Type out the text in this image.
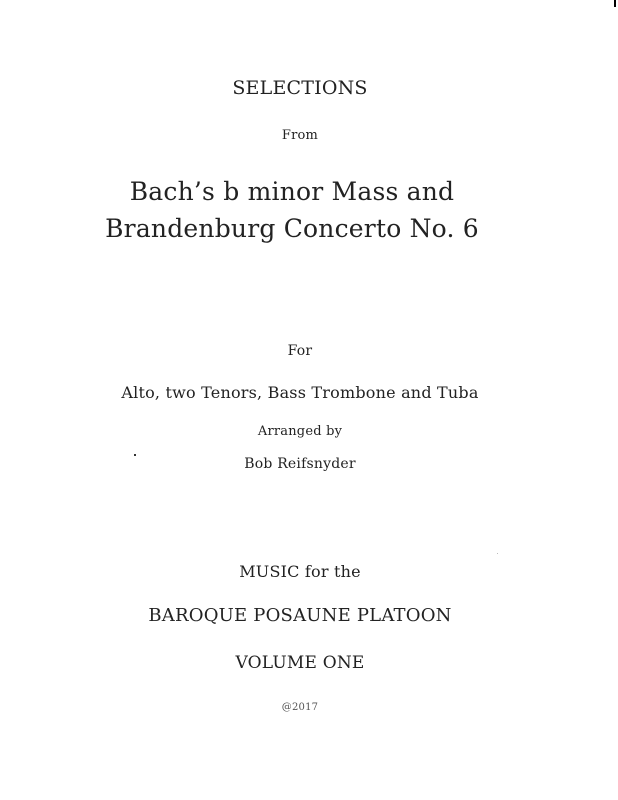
SELECTIONS
From
Bach’s b minor Mass and
Brandenburg Concerto No. 6
For
Alto, two Tenors, Bass Trombone and Tuba
Arranged by
Bob Reifsnyder
MUSIC for the
BAROQUE POSAUNE PLATOON
VOLUME ONE
@2017
